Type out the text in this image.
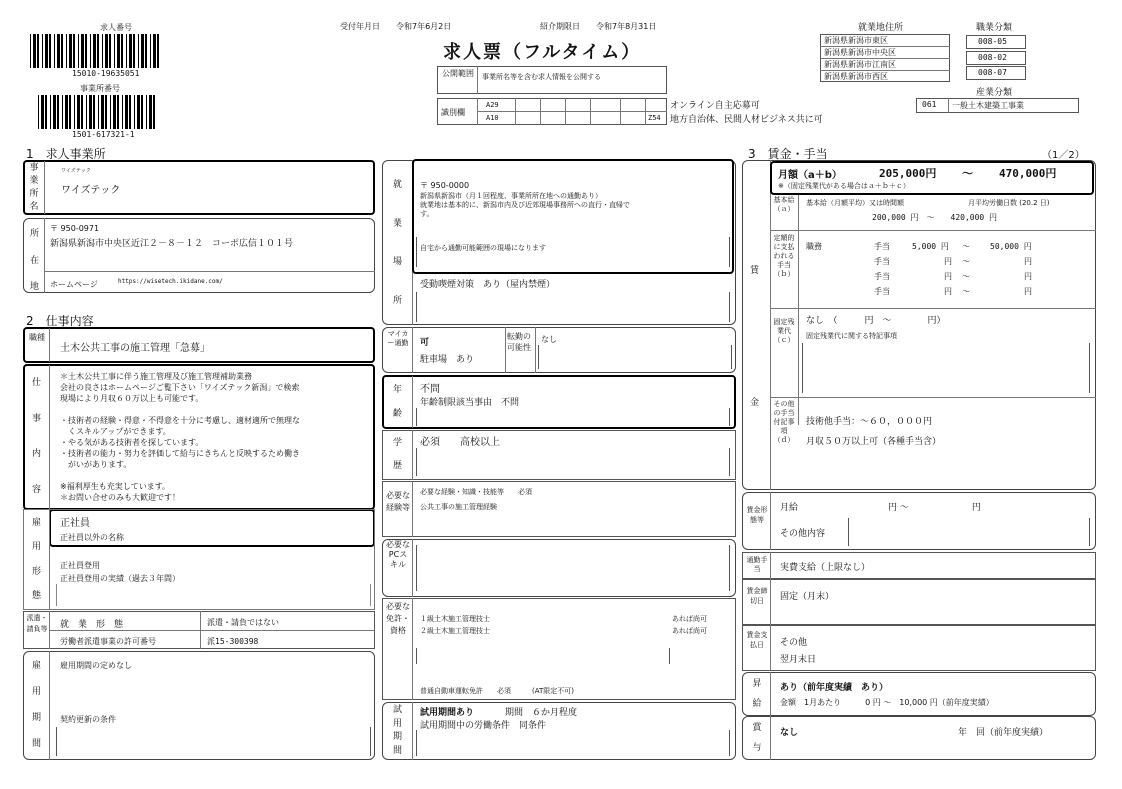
求人番号
15010-19635051
事業所番号
1501-617321-1
受付年月日 令和7年6月2日	紹介期限日 令和7年8月31日
求人票（フルタイム）
公開範囲 事業所名等を含む求人情報を公開する
識別欄
A29
A10	Z54
オンライン自主応募可
地方自治体、民間人材ビジネス共に可
就業地住所
新潟県新潟市東区
新潟県新潟市中央区
新潟県新潟市江南区
新潟県新潟市西区
職業分類
008-05
008-02
008-07
産業分類
061 一般土木建築工事業
1　求人事業所
事
業
所
名
ワイズテック
ワイズテック
所
在
地
〒 950-0971
新潟県新潟市中央区近江２－８－１２　コーポ広信１０１号
ホームページ	https://wisetech.ikidane.com/
2　仕事内容
職種
土木公共工事の施工管理「急募」
仕
事
内
容
＊土木公共工事に伴う施工管理及び施工管理補助業務
会社の良さはホームページご覧下さい「ワイズテック新潟」で検索
現場により月収６０万以上も可能です。

・技術者の経験・得意・不得意を十分に考慮し、適材適所で無理な
　くスキルアップができます。
・やる気がある技術者を探しています。
・技術者の能力・努力を評価して給与にきちんと反映するため働き
　がいがあります。

※福利厚生も充実しています。
＊お問い合せのみも大歓迎です！
正社員
正社員以外の名称
雇
用
形
態
正社員登用
正社員登用の実績（過去３年間）
派遣・請負等 就　業　形　態	派遣・請負ではない
労働者派遣事業の許可番号	派15-300398
雇
用
期
間
雇用期間の定めなし
契約更新の条件
就
業
場
所
〒 950-0000
新潟県新潟市（月１回程度、事業所所在地への通勤あり）
就業地は基本的に、新潟市内及び近郊現場事務所への直行・直帰で
す。
自宅から通勤可能範囲の現場になります
受動喫煙対策　あり（屋内禁煙）
マイカー通勤 可
駐車場　あり
転勤の可能性
なし
年
齢
不問
年齢制限該当事由　不問
学
歴
必須　　高校以上
必要な経験等
必要な経験・知識・技能等　　必須
公共工事の施工管理経験
必要なPCスキル
必要な免許・資格
１級土木施工管理技士	あれば尚可
２級土木施工管理技士	あれば尚可
普通自動車運転免許　　必須　　　(AT限定不可)
試
用
期
間
試用期間あり	期間　６か月程度
試用期間中の労働条件　同条件
3　賃金・手当	（1／2）
賃
金
月額（a＋b）	205,000円 ～ 470,000円
※（固定残業代がある場合はａ＋ｂ＋ｃ）
基本給（ａ）
基本給（月額平均）又は時間額	月平均労働日数 (20.2 日)
200,000 円　～　　420,000 円
定額的に支払われる手当（ｂ）
職務	手当	5,000 円 ～	50,000 円
手当	円 ～	円
手当	円 ～	円
手当	円 ～	円
固定残業代（ｃ）
なし　（　　　円　～　　　　円）
固定残業代に関する特記事項
その他の手当付記事項（ｄ）
技術他手当：～６０，０００円
月収５０万以上可（各種手当含）
賃金形態等
月給　　　　　　　　　　円 ～　　　　　　　円
その他内容
通勤手当	実費支給（上限なし）
賃金締切日	固定（月末）
賃金支払日	その他
翌月末日
昇
給
あり（前年度実績　あり）
金額　1月あたり　　　0 円 ～　10,000 円（前年度実績）
賞
与
なし	年　回（前年度実績）
